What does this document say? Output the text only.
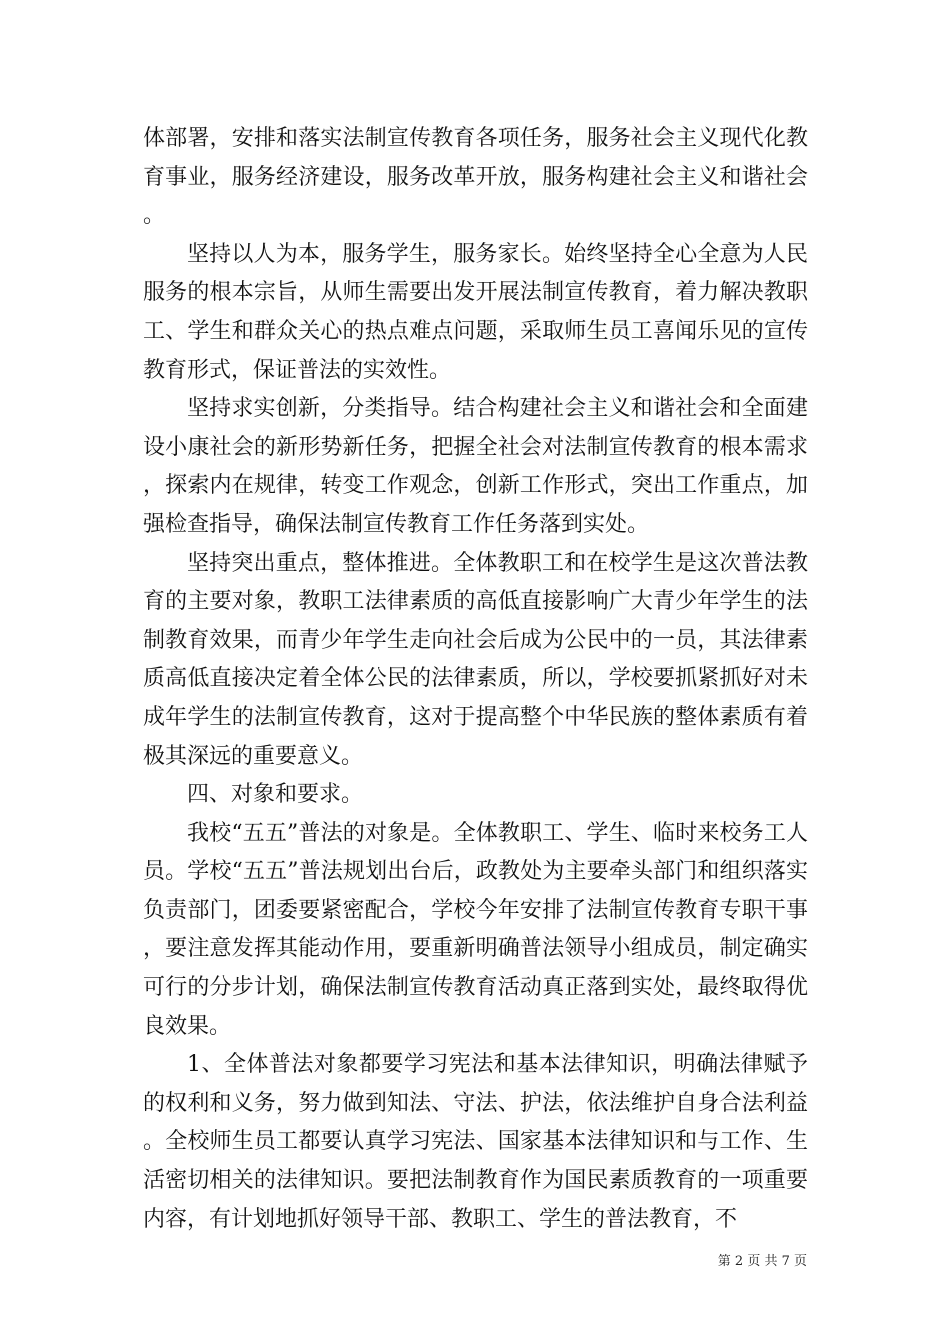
体部署，安排和落实法制宣传教育各项任务，服务社会主义现代化教育事业，服务经济建设，服务改革开放，服务构建社会主义和谐社会。

坚持以人为本，服务学生，服务家长。始终坚持全心全意为人民服务的根本宗旨，从师生需要出发开展法制宣传教育，着力解决教职工、学生和群众关心的热点难点问题，采取师生员工喜闻乐见的宣传教育形式，保证普法的实效性。

坚持求实创新，分类指导。结合构建社会主义和谐社会和全面建设小康社会的新形势新任务，把握全社会对法制宣传教育的根本需求，探索内在规律，转变工作观念，创新工作形式，突出工作重点，加强检查指导，确保法制宣传教育工作任务落到实处。

坚持突出重点，整体推进。全体教职工和在校学生是这次普法教育的主要对象，教职工法律素质的高低直接影响广大青少年学生的法制教育效果，而青少年学生走向社会后成为公民中的一员，其法律素质高低直接决定着全体公民的法律素质，所以，学校要抓紧抓好对未成年学生的法制宣传教育，这对于提高整个中华民族的整体素质有着极其深远的重要意义。

四、对象和要求。

我校“五五”普法的对象是。全体教职工、学生、临时来校务工人员。学校“五五”普法规划出台后，政教处为主要牵头部门和组织落实负责部门，团委要紧密配合，学校今年安排了法制宣传教育专职干事，要注意发挥其能动作用，要重新明确普法领导小组成员，制定确实可行的分步计划，确保法制宣传教育活动真正落到实处，最终取得优良效果。

1、全体普法对象都要学习宪法和基本法律知识，明确法律赋予的权利和义务，努力做到知法、守法、护法，依法维护自身合法利益。全校师生员工都要认真学习宪法、国家基本法律知识和与工作、生活密切相关的法律知识。要把法制教育作为国民素质教育的一项重要内容，有计划地抓好领导干部、教职工、学生的普法教育，不

第 2 页 共 7 页
